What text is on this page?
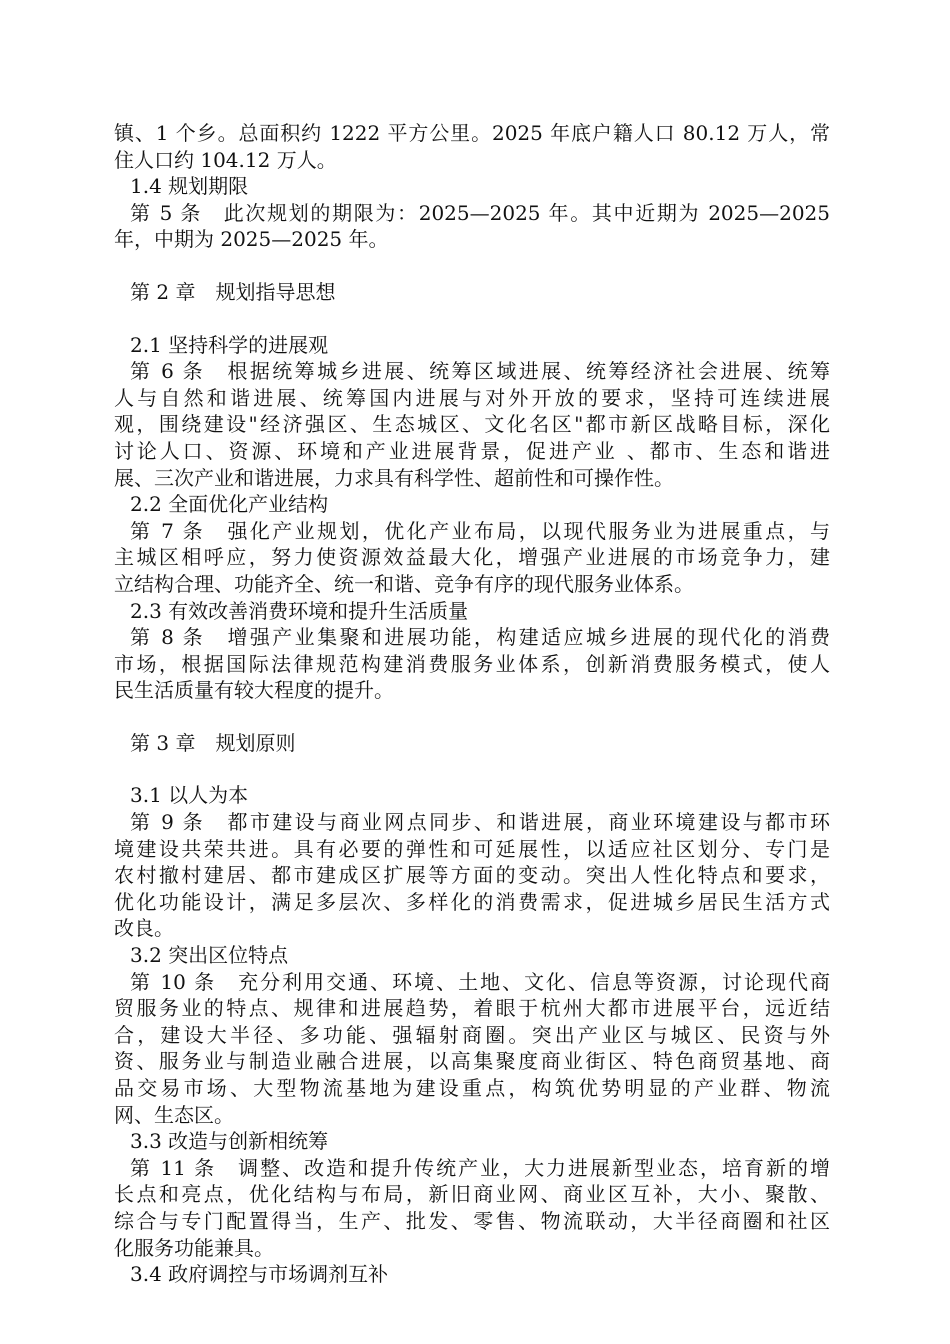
镇、1 个乡。总面积约 1222 平方公里。2025 年底户籍人口 80.12 万人，常
住人口约 104.12 万人。
1.4 规划期限
第 5 条　此次规划的期限为：2025—2025 年。其中近期为 2025—2025
年，中期为 2025—2025 年。
第 2 章　规划指导思想
2.1 坚持科学的进展观
第 6 条　根据统筹城乡进展、统筹区域进展、统筹经济社会进展、统筹
人与自然和谐进展、统筹国内进展与对外开放的要求，坚持可连续进展
观，围绕建设"经济强区、生态城区、文化名区"都市新区战略目标，深化
讨论人口、资源、环境和产业进展背景，促进产业 、都市、生态和谐进
展、三次产业和谐进展，力求具有科学性、超前性和可操作性。
2.2 全面优化产业结构
第 7 条　强化产业规划，优化产业布局，以现代服务业为进展重点，与
主城区相呼应，努力使资源效益最大化，增强产业进展的市场竞争力，建
立结构合理、功能齐全、统一和谐、竞争有序的现代服务业体系。
2.3 有效改善消费环境和提升生活质量
第 8 条　增强产业集聚和进展功能，构建适应城乡进展的现代化的消费
市场，根据国际法律规范构建消费服务业体系，创新消费服务模式，使人
民生活质量有较大程度的提升。
第 3 章　规划原则
3.1 以人为本
第 9 条　都市建设与商业网点同步、和谐进展，商业环境建设与都市环
境建设共荣共进。具有必要的弹性和可延展性，以适应社区划分、专门是
农村撤村建居、都市建成区扩展等方面的变动。突出人性化特点和要求，
优化功能设计，满足多层次、多样化的消费需求，促进城乡居民生活方式
改良。
3.2 突出区位特点
第 10 条　充分利用交通、环境、土地、文化、信息等资源，讨论现代商
贸服务业的特点、规律和进展趋势，着眼于杭州大都市进展平台，远近结
合，建设大半径、多功能、强辐射商圈。突出产业区与城区、民资与外
资、服务业与制造业融合进展，以高集聚度商业街区、特色商贸基地、商
品交易市场、大型物流基地为建设重点，构筑优势明显的产业群、物流
网、生态区。
3.3 改造与创新相统筹
第 11 条　调整、改造和提升传统产业，大力进展新型业态，培育新的增
长点和亮点，优化结构与布局，新旧商业网、商业区互补，大小、聚散、
综合与专门配置得当，生产、批发、零售、物流联动，大半径商圈和社区
化服务功能兼具。
3.4 政府调控与市场调剂互补
